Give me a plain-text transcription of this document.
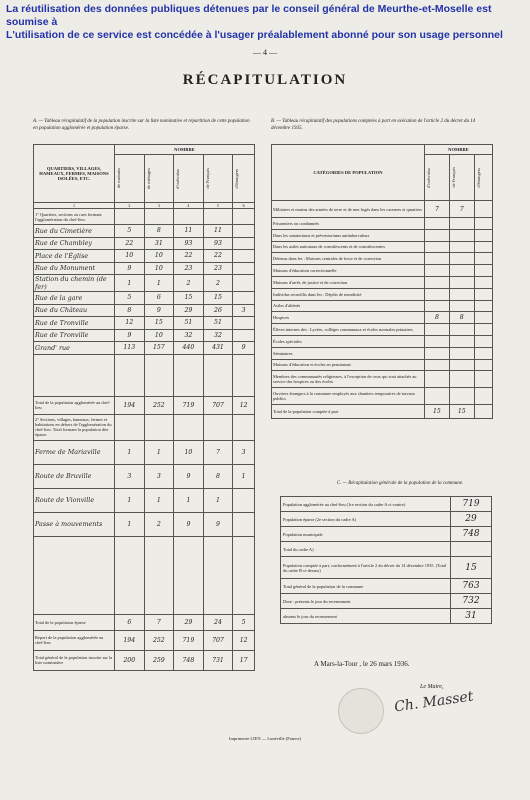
La réutilisation des données publiques détenues par le conseil général de Meurthe-et-Moselle est soumise à
L'utilisation de ce service est concédée à l'usager préalablement abonné pour son usage personnel
— 4 —
RÉCAPITULATION
A. — Tableau récapitulatif de la population inscrite sur la liste nominative et répartition de cette population en population agglomérée et population éparse.
QUARTIERS, VILLAGES, HAMEAUX, FERMES, MAISONS ISOLÉES, ETC.	NOMBRE				

	de maisons	de ménages	d'individus	de Français	d'étrangers

1	2	3	4	5	6
1° Quartiers, sections ou rues formant l'agglomération du chef-lieu.					
Rue du Cimetière	5	8	11	11	
Rue de Chambley	22	31	93	93	
Place de l'Église	10	10	22	22	
Rue du Monument	9	10	23	23	
Station du chemin (de fer)	1	1	2	2	
Rue de la gare	5	6	15	15	
Rue du Château	8	9	29	26	3
Rue de Tronville	12	15	51	51	
Rue de Tronville	9	10	32	32	
Grand' rue	113	157	440	431	9

Total de la population agglomérée au chef-lieu	194	252	719	707	12
2° Sections, villages, hameaux, fermes et habitations en dehors de l'agglomération du chef-lieu. Total formant la population dite éparse.					
Ferme de Mariaville	1	1	10	7	3
Route de Bruville	3	3	9	8	1
Route de Vionville	1	1	1	1	
Passe à mouvements	1	2	9	9	

Total de la population éparse	6	7	29	24	5
Report de la population agglomérée au chef-lieu	194	252	719	707	12
Total général de la population inscrite sur la liste nominative	200	259	748	731	17
B. — Tableau récapitulatif des populations comptées à part en exécution de l'article 2 du décret du 14 décembre 1935.
CATÉGORIES DE POPULATION	NOMBRE		

	d'individus	de Français	d'étrangers

Militaires et marins des armées de terre et de mer logés dans les casernes et quartiers	7	7	
Prisonniers ou condamnés			
Dans les sanatoriums et préventoriums antituberculeux			
Dans les asiles nationaux de convalescents et de convalescentes			
Détenus dans les : Maisons centrales de force et de correction			
Maisons d'éducation correctionnelle			
Maisons d'arrêt, de justice et de correction			
Individus recueillis dans les : Dépôts de mendicité			
Asiles d'aliénés			
Hospices	8	8	
Élèves internes des : Lycées, collèges communaux et écoles normales primaires			
Écoles spéciales			
Séminaires			
Maisons d'éducation et écoles en pensionnat			
Membres des communautés religieuses, à l'exception de ceux qui sont attachés au service des hospices ou des écoles			
Ouvriers étrangers à la commune employés aux chantiers temporaires de travaux publics			
Total de la population comptée à part	15	15	
C. — Récapitulation générale de la population de la commune.
Population agglomérée au chef-lieu (1re section du cadre A ci-contre)	719
Population éparse (2e section du cadre A)	29
Population municipale	748
Total du cadre A)	
Population comptée à part, conformément à l'article 2 du décret du 14 décembre 1935. (Total du cadre B ci-dessus)	15
Total général de la population de la commune	763
Dont : présents le jour du recensement	732
absents le jour du recensement	31
A Mars-la-Tour , le 26 mars 1936.
Le Maire,
Ch. Masset
Imprimerie LIEN — Lunéville (France)
